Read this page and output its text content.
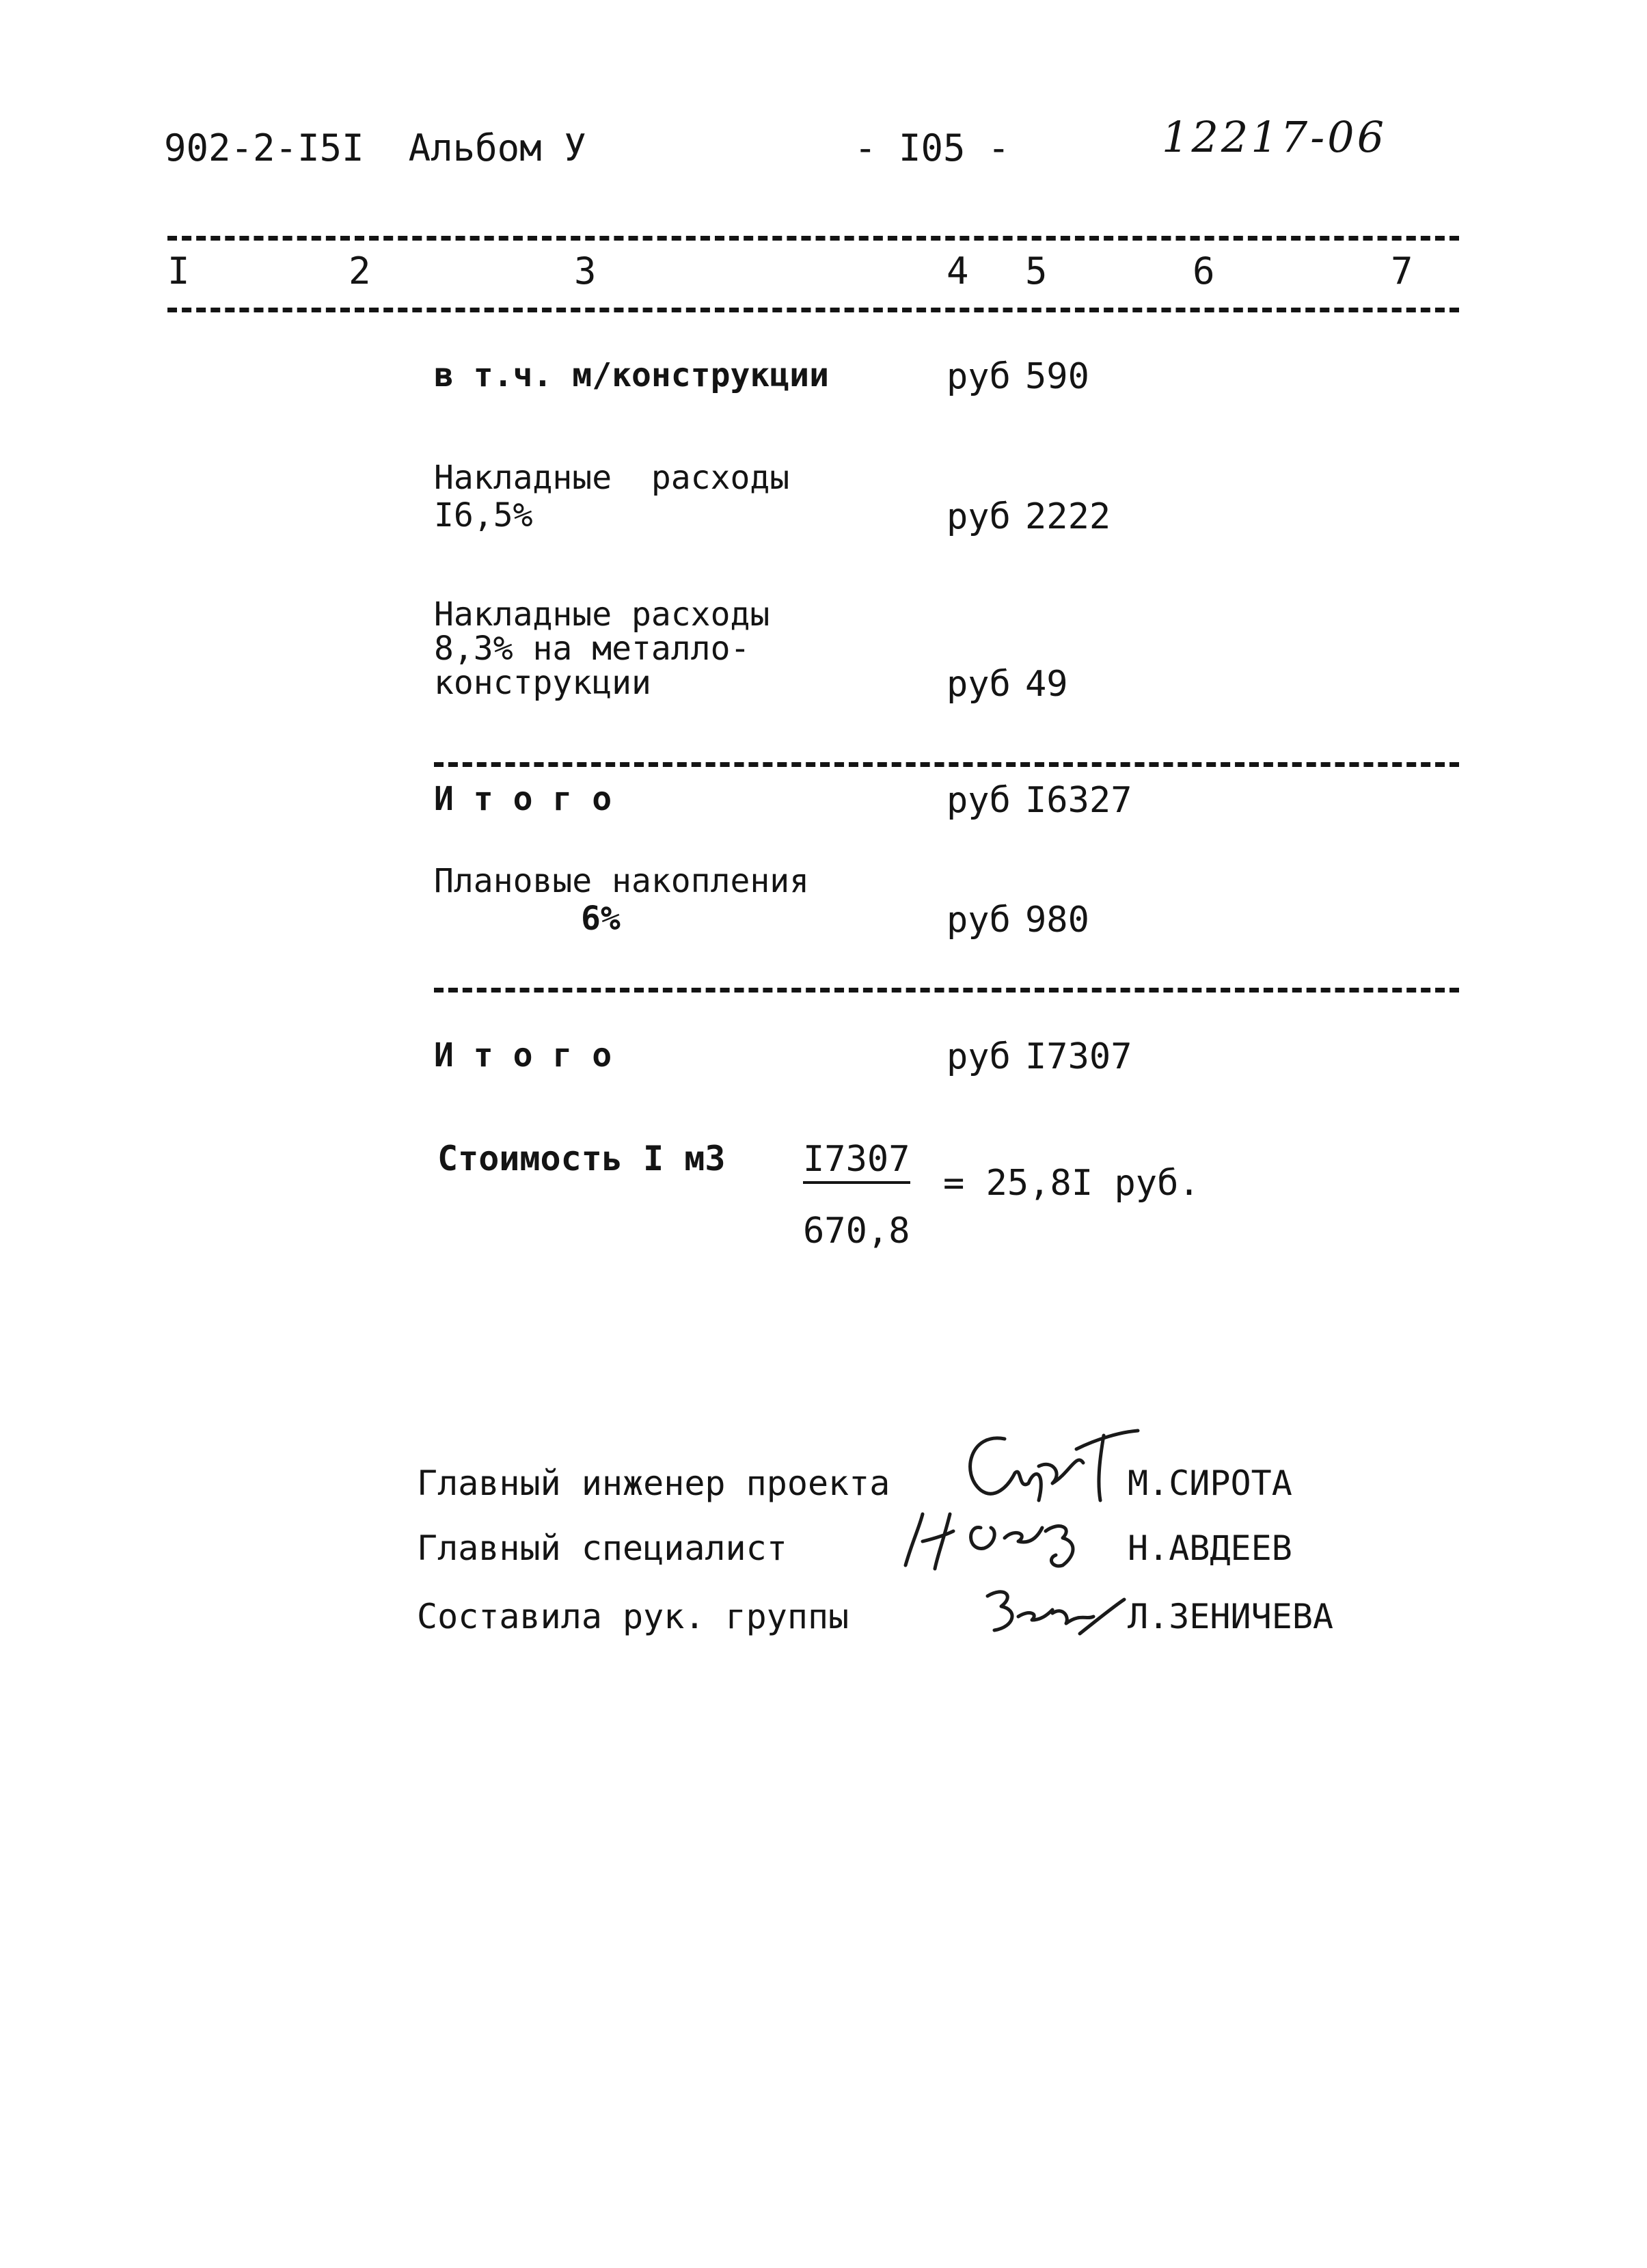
902-2-I5I  Альбом У	- I05 -	12217-06
I	2	3	4 5	6	7
в т.ч. м/конструкции	руб 590
Накладные  расходы
I6,5%	руб 2222
Накладные расходы
8,3% на металло-
конструкции	руб 49
И т о г о	руб I6327
Плановые накопления
6%	руб 980
И т о г о	руб I7307
Стоимость I м3 I7307
670,8
= 25,8I руб.
Главный инженер проекта	М.СИРОТА
Главный специалист	Н.АВДЕЕВ
Составила рук. группы	Л.ЗЕНИЧЕВА
